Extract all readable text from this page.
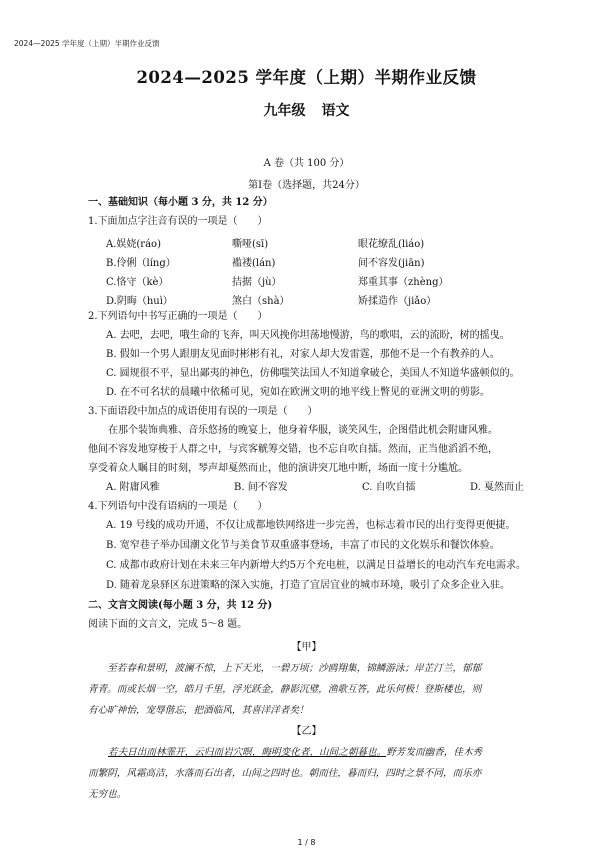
2024—2025 学年度（上期）半期作业反馈
2024—2025 学年度（上期）半期作业反馈
九年级 语文
A 卷（共 100 分）
第Ⅰ卷（选择题，共24分）
一、基础知识（每小题 3 分，共 12 分）
1.下面加点字注音有误的一项是（　　）
A.娱娆(ráo)	嘶哑(sī)	眼花缭乱(liáo)
B.伶俐（líng）	褴褛(lán)	间不容发(jiān)
C.恪守（kè）	拮据（jù）	郑重其事（zhèng）
D.阴晦（huì）	煞白（shà）	矫揉造作（jiǎo）
2.下列语句中书写正确的一项是（　　）
A. 去吧，去吧，哦生命的飞奔，叫天风挽你坦荡地慢游，鸟的歌唱，云的流盼，树的摇曳。
B. 假如一个男人跟朋友见面时彬彬有礼，对家人却大发雷霆，那他不是一个有教养的人。
C. 圆规很不平，显出鄙夷的神色，仿佛嗤笑法国人不知道拿破仑，美国人不知道华盛顿似的。
D. 在不可名状的晨曦中依稀可见，宛如在欧洲文明的地平线上瞥见的亚洲文明的剪影。
3.下面语段中加点的成语使用有误的一项是（　　）
　　在那个装饰典雅、音乐悠扬的晚宴上，他身着华服，谈笑风生，企图借此机会附庸风雅。
他间不容发地穿梭于人群之中，与宾客觥筹交错，也不忘自吹自擂。然而，正当他滔滔不绝，
享受着众人瞩目的时刻，琴声却戛然而止，他的演讲突兀地中断，场面一度十分尴尬。
A. 附庸风雅	B. 间不容发	C. 自吹自擂	D. 戛然而止
4.下列语句中没有语病的一项是（　　）
A. 19 号线的成功开通，不仅让成都地铁网络进一步完善，也标志着市民的出行变得更便捷。
B. 宽窄巷子举办国潮文化节与美食节双重盛事登场，丰富了市民的文化娱乐和餐饮体验。
C. 成都市政府计划在未来三年内新增大约5万个充电桩，以满足日益增长的电动汽车充电需求。
D. 随着龙泉驿区东进策略的深入实施，打造了宜居宜业的城市环境，吸引了众多企业入驻。
二、文言文阅读(每小题 3 分，共 12 分)
阅读下面的文言文，完成 5～8 题。
【甲】
　　至若春和景明，波澜不惊，上下天光，一碧万顷；沙鸥翔集，锦鳞游泳；岸芷汀兰，郁郁
青青。而或长烟一空，皓月千里，浮光跃金，静影沉璧，渔歌互答，此乐何极！登斯楼也，则
有心旷神怡，宠辱偕忘，把酒临风，其喜洋洋者矣！
【乙】
若夫日出而林霏开，云归而岩穴暝，晦明变化者，山间之朝暮也。野芳发而幽香，佳木秀
而繁阴，风霜高洁，水落而石出者，山间之四时也。朝而往，暮而归，四时之景不同，而乐亦
无穷也。
1 / 8
